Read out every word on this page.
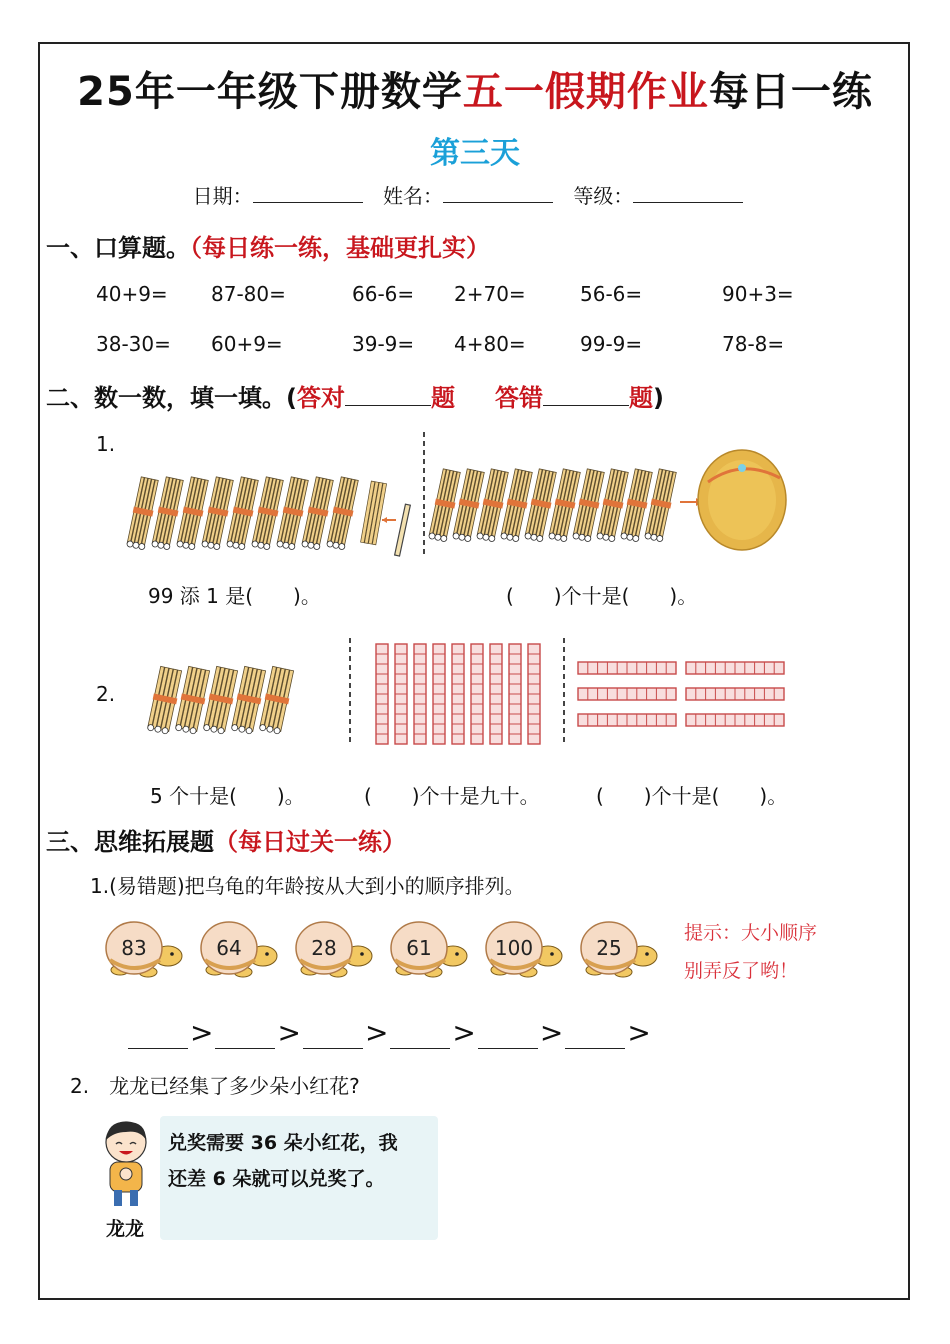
25年一年级下册数学五一假期作业每日一练
第三天
日期：	姓名：	等级：
一、口算题。（每日练一练，基础更扎实）
40+9= 87-80=	66-6= 2+70=	56-6=	90+3=
38-30= 60+9=	39-9= 4+80=	99-9=	78-8=
二、数一数，填一填。(答对	题 答错	题)
1.
99 添 1 是(　　)。	(　　)个十是(　　)。
2.
5 个十是(　　)。	(　　)个十是九十。	(　　)个十是(　　)。
三、思维拓展题（每日过关一练）
1.(易错题)把乌龟的年龄按从大到小的顺序排列。
83	64	28	61	100	25
提示：大小顺序
别弄反了哟！
> > > > > >
2.　龙龙已经集了多少朵小红花?
兑奖需要 36 朵小红花，我
还差 6 朵就可以兑奖了。
龙龙
